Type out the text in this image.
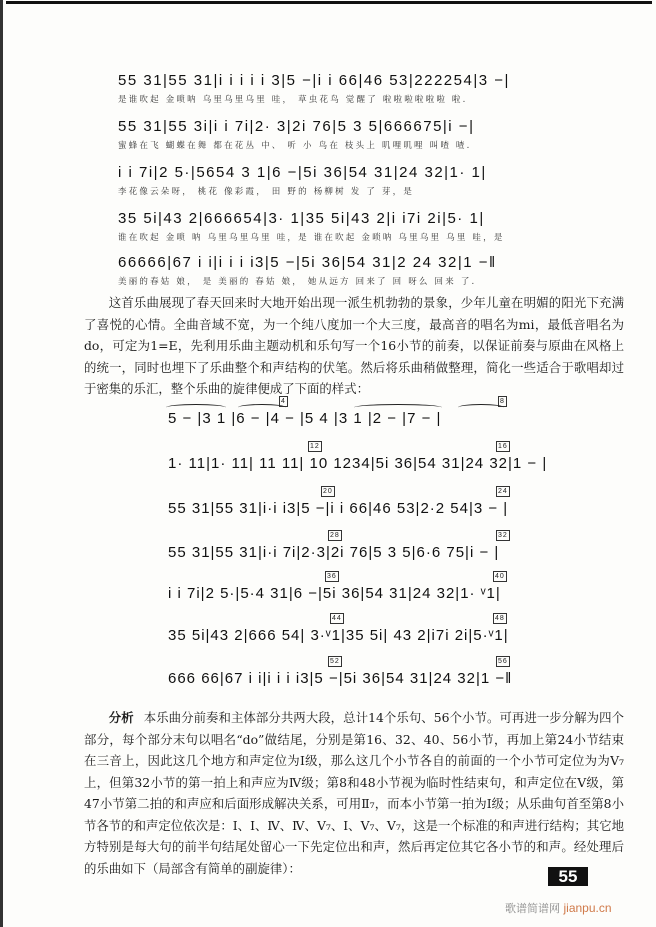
55 31|55 31|i i i i i 3|5 −|i i 66|46 53|222254|3 −|
是谁吹起 金唢呐 乌里乌里乌里 哇， 草虫花鸟 觉醒了 啦啦啦啦啦啦 啦.
55 31|55 3i|i i 7i|2· 3|2i 76|5 3 5|666675|i −|
蜜蜂在飞 蝴蝶在舞 都在花丛 中、 听 小 鸟在 枝头上 叽哩叽哩 叫喳 喳.
i i 7i|2 5·|5654 3 1|6 −|5i 36|54 31|24 32|1· 1|
李花像云朵呀， 桃花 像彩霞， 田 野的 杨柳树 发 了 芽，是
35 5i|43 2|666654|3· 1|35 5i|43 2|i i7i 2i|5· 1|
谁在吹起 金唢 呐 乌里乌里乌里 哇，是 谁在吹起 金唢呐 乌里乌里 乌里 哇，是
66666|67 i i|i i i i3|5 −|5i 36|54 31|2 24 32|1 −‖
美丽的春姑 娘， 是 美丽的 春姑 娘， 她从远方 回来了 回 呀么 回来 了.

这首乐曲展现了春天回来时大地开始出现一派生机勃勃的景象，少年儿童在明媚的阳光下充满了喜悦的心情。全曲音域不宽，为一个纯八度加一个大三度，最高音的唱名为mi，最低音唱名为 do，可定为1=E，先利用乐曲主题动机和乐句写一个16小节的前奏，以保证前奏与原曲在风格上的统一，同时也埋下了乐曲整个和声结构的伏笔。然后将乐曲稍做整理，简化一些适合于歌唱却过于密集的乐汇，整个乐曲的旋律便成了下面的样式：

5 − |3 1 |6 − |4 − |5 4 |3 1 |2 − |7 − |
4	8
1· 11|1· 11| 11 11| 10 1234|5i 36|54 31|24 32|1 − |
12	16
55 31|55 31|i·i i3|5 −|i i 66|46 53|2·2 54|3 − |
20	24
55 31|55 31|i·i 7i|2·3|2i 76|5 3 5|6·6 75|i − |
28	32
i i 7i|2 5·|5·4 31|6 −|5i 36|54 31|24 32|1· ᵛ1|
36	40
35 5i|43 2|666 54| 3·ᵛ1|35 5i| 43 2|i7i 2i|5·ᵛ1|
44	48
666 66|67 i i|i i i i3|5 −|5i 36|54 31|24 32|1 −‖
52	56

分析 本乐曲分前奏和主体部分共两大段，总计14个乐句、56个小节。可再进一步分解为四个部分，每个部分末句以唱名“do”做结尾，分别是第16、32、40、56小节，再加上第24小节结束在三音上，因此这几个地方和声定位为Ⅰ级，那么这几个小节各自的前面的一个小节可定位为为V₇上，但第32小节的第一拍上和声应为Ⅳ级；第8和48小节视为临时性结束句，和声定位在Ⅴ级，第47小节第二拍的和声应和后面形成解决关系，可用Ⅱ₇，而本小节第一拍为Ⅰ级；从乐曲句首至第8小节各节的和声定位依次是：Ⅰ、Ⅰ、Ⅳ、Ⅳ、Ⅴ₇、Ⅰ、Ⅴ₇、Ⅴ₇，这是一个标准的和声进行结构；其它地方特别是每大句的前半句结尾处留心一下先定位出和声，然后再定位其它各小节的和声。经处理后的乐曲如下（局部含有简单的副旋律）：	55
歌谱简谱网 jianpu.cn
